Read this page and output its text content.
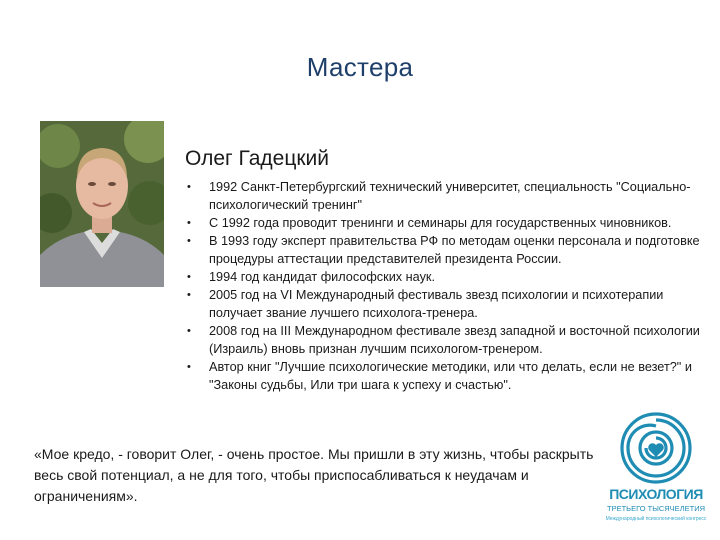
Мастера
Олег Гадецкий
• 1992 Санкт-Петербургский технический университет, специальность "Социально-психологический тренинг"
• С 1992 года проводит тренинги и семинары для государственных чиновников.
• В 1993 году эксперт правительства РФ по методам оценки персонала и подготовке процедуры аттестации представителей президента России.
• 1994 год кандидат философских наук.
• 2005 год на VI Международный фестиваль звезд психологии и психотерапии получает звание лучшего психолога-тренера.
• 2008 год на III Международном фестивале звезд западной и восточной психологии (Израиль) вновь признан лучшим психологом-тренером.
• Автор книг "Лучшие психологические методики, или что делать, если не везет?" и "Законы судьбы, Или три шага к успеху и счастью".
«Мое кредо, - говорит Олег, - очень простое. Мы пришли в эту жизнь, чтобы раскрыть весь свой потенциал, а не для того, чтобы приспосабливаться к неудачам и ограничениям».	ПСИХОЛОГИЯ
ТРЕТЬЕГО ТЫСЯЧЕЛЕТИЯ
Международный психологический конгресс
